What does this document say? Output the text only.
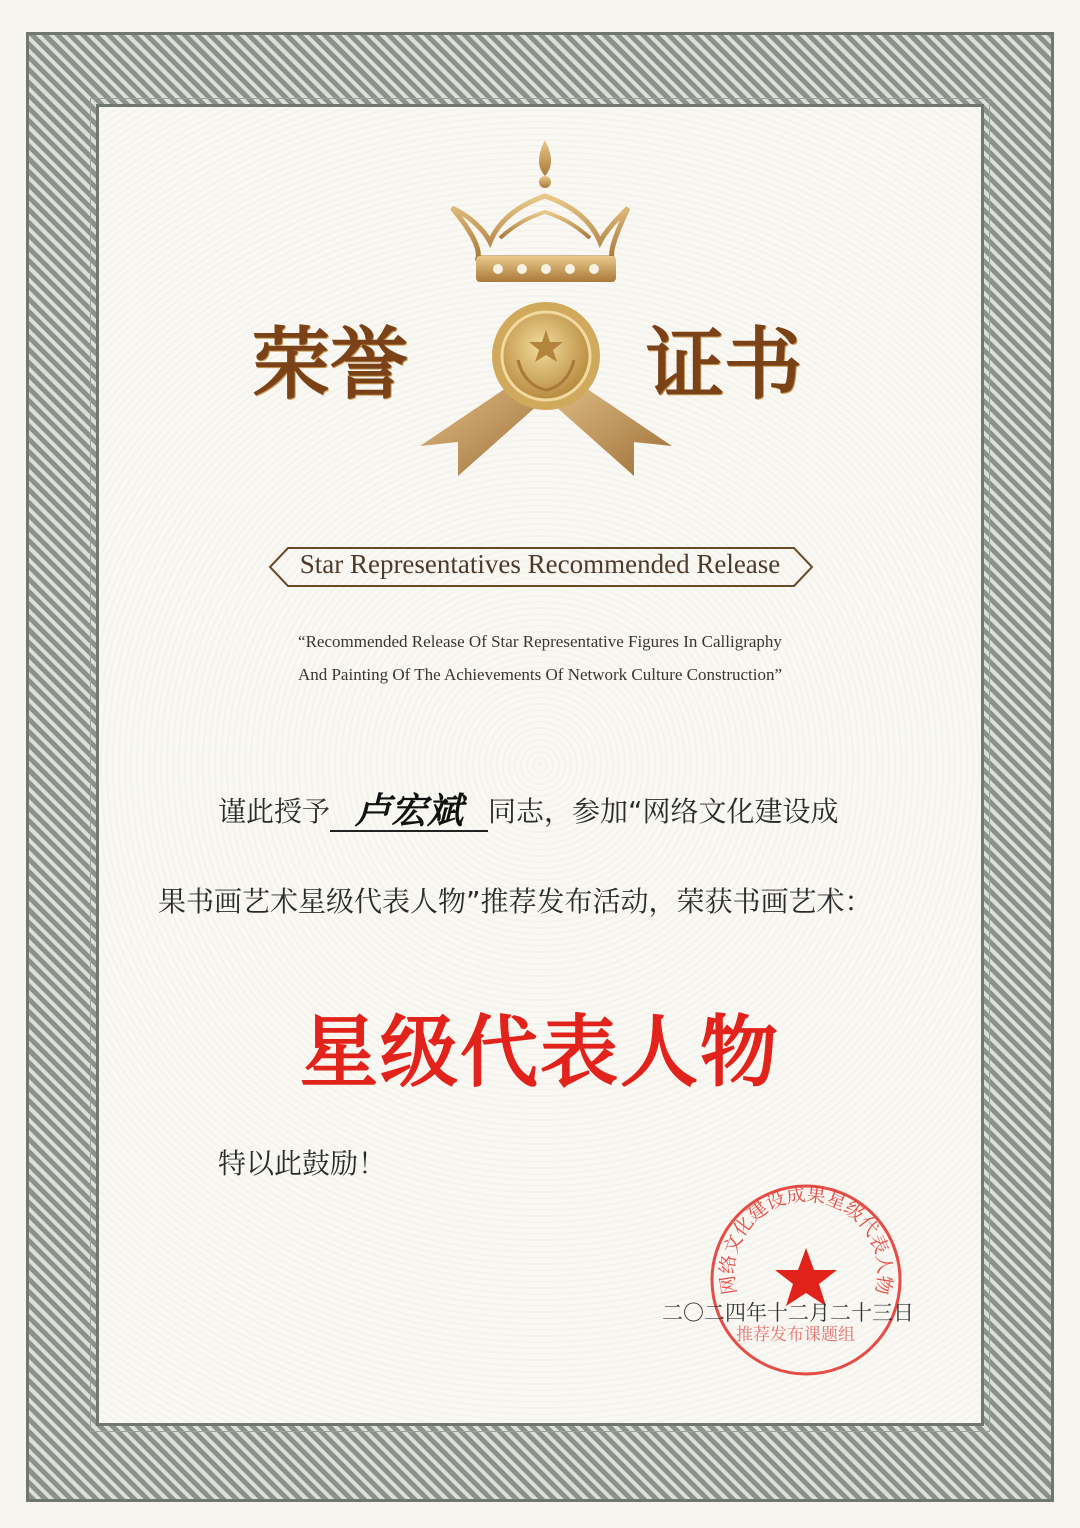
荣誉	证书
Star Representatives Recommended Release
“Recommended Release Of Star Representative Figures In Calligraphy
And Painting Of The Achievements Of Network Culture Construction”
谨此授予 卢宏斌 同志，参加“网络文化建设成
果书画艺术星级代表人物”推荐发布活动，荣获书画艺术：
星级代表人物
特以此鼓励！
网络文化建设成果星级代表人物
二〇二四年十二月二十三日
推荐发布课题组
